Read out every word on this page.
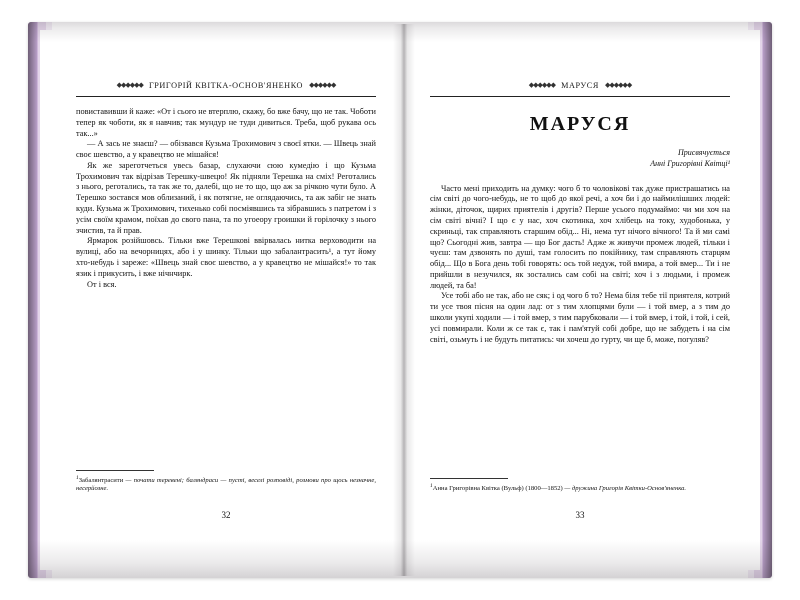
◆◆◆◆◆◆ ГРИГОРІЙ КВІТКА-ОСНОВ'ЯНЕНКО ◆◆◆◆◆◆

повиставивши й каже: «От і сього не втерплю, скажу, бо вже бачу, що не так. Чоботи тепер як чоботи, як я навчив; так мундур не туди дивиться. Треба, щоб рукава ось так...»

— А зась не знаєш? — обізвався Кузьма Трохимович з своєї ятки. — Швець знай своє шевство, а у кравецтво не мішайся!

Як же зареготчеться увесь базар, слухаючи сюю кумедію і що Кузьма Трохимович так відрізав Терешку-швецю! Як підняли Терешка на сміх! Реготались з нього, реготались, та так же то, далебі, що не то що, що аж за річкою чути було. А Терешко зостався мов облизаний, і як потягне, не оглядаючись, та аж забіг не знать куди. Кузьма ж Трохимович, тихенько собі посміявшись та зібравшись з патретом і з усім своїм крамом, поїхав до свого пана, та по угоеору гроишки й горілочку з нього зчистив, та й прав.

Ярмарок розійшовсь. Тільки вже Терешкові ввірвалась нитка верховодити на вулиці, або на вечорницях, або і у шинку. Тільки що забалантрасить¹, а тут йому хто-небудь і зареже: «Швець знай своє шевство, а у кравецтво не мішайся!» то так язик і прикусить, і вже нічнчирк.

От і вся.

$^1$Забалянтрасити — почати теревені; баляндраси — пусті, веселі розповіді, розмови про щось незначне, несерйозне.
32
◆◆◆◆◆◆ МАРУСЯ ◆◆◆◆◆◆
МАРУСЯ
Присвячується
Анні Григорівні Квітці¹

Часто мені приходить на думку: чого б то чоловікові так дуже пристрашатись на сім світі до чого-небудь, не то щоб до якої речі, а хоч би і до наймилішших людей: жінки, діточок, щирих приятелів і другів? Перше усього подумаймо: чи ми хоч на сім світі вічні? І що є у нас, хоч скотинка, хоч хлібець на току, худобонька, у скриньці, так справляють старшим обід... Ні, нема тут нічого вічного! Та й ми самі що? Сьогодні жив, завтра — що Бог дасть! Адже ж живучи промеж людей, тільки і чуєш: там дзвонять по душі, там голосить по покійнику, там справляють старцям обід... Що в Бога день тобі говорять: ось той недуж, той вмира, а той вмер... Ти і не прийшли в незучился, як зостались сам собі на світі; хоч і з людьми, і промеж людей, та ба!

Усе тобі або не так, або не сяк; і од чого б то? Нема біля тебе тії приятеля, котрий ти усе твоя пісня на один лад: от з тим хлопцями були — і той вмер, а з тим до школи укупі ходили — і той вмер, з тим парубковали — і той вмер, і той, і той, і сей, усі повмирали. Коли ж се так є, так і пам'ятуй собі добре, що не забудеть і на сім світі, озьмуть і не будуть питатись: чи хочеш до гурту, чи ще б, може, погуляв?

$^1$Анна Григорівна Квітка (Вульф) (1800—1852) — дружина Григорія Квітки-Основ'яненка.
33
